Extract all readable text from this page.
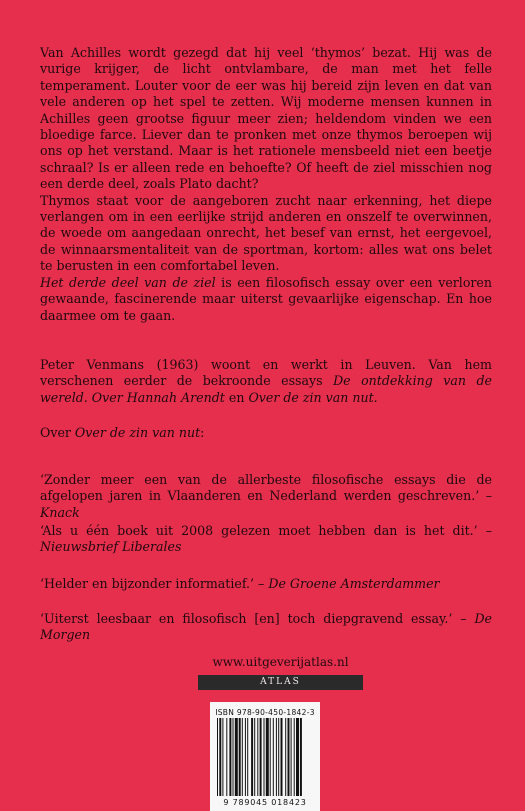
Van Achilles wordt gezegd dat hij veel ‘thymos’ bezat. Hij was de vurige krijger, de licht ontvlambare, de man met het felle temperament. Louter voor de eer was hij bereid zijn leven en dat van vele anderen op het spel te zetten. Wij moderne mensen kunnen in Achilles geen grootse figuur meer zien; heldendom vinden we een bloedige farce. Liever dan te pronken met onze thymos beroepen wij ons op het verstand. Maar is het rationele mensbeeld niet een beetje schraal? Is er alleen rede en behoefte? Of heeft de ziel misschien nog een derde deel, zoals Plato dacht?
Thymos staat voor de aangeboren zucht naar erkenning, het diepe verlangen om in een eerlijke strijd anderen en onszelf te overwinnen, de woede om aangedaan onrecht, het besef van ernst, het eergevoel, de winnaarsmentaliteit van de sportman, kortom: alles wat ons belet te berusten in een comfortabel leven.
Het derde deel van de ziel is een filosofisch essay over een verloren gewaande, fascinerende maar uiterst gevaarlijke eigenschap. En hoe daarmee om te gaan.

Peter Venmans (1963) woont en werkt in Leuven. Van hem verschenen eerder de bekroonde essays De ontdekking van de wereld. Over Hannah Arendt en Over de zin van nut.

Over Over de zin van nut:

‘Zonder meer een van de allerbeste filosofische essays die de afgelopen jaren in Vlaanderen en Nederland werden geschreven.’ – Knack

‘Als u één boek uit 2008 gelezen moet hebben dan is het dit.’ – Nieuwsbrief Liberales

‘Helder en bijzonder informatief.’ – De Groene Amsterdammer

‘Uiterst leesbaar en filosofisch [en] toch diepgravend essay.’ – De Morgen

www.uitgeverijatlas.nl
ATLAS
ISBN 978-90-450-1842-3
9 789045 018423
